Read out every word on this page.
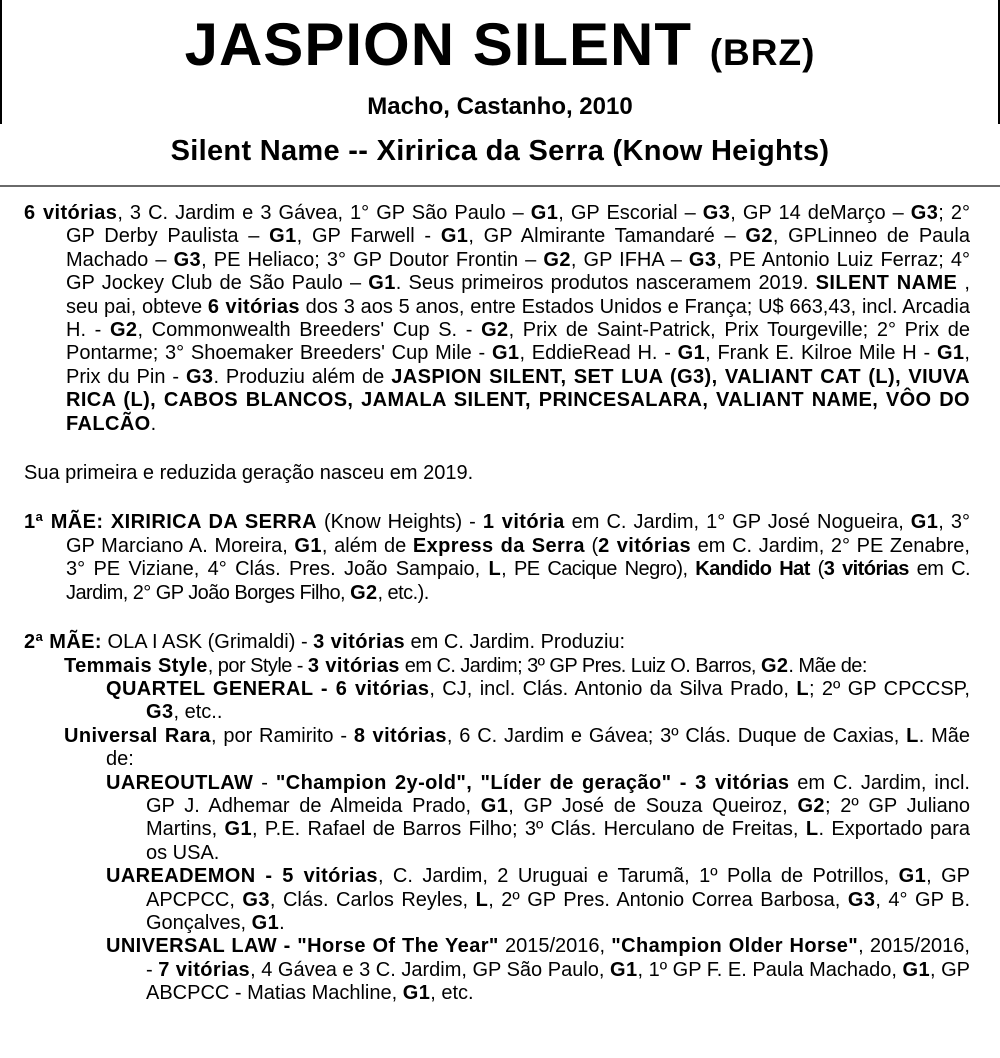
JASPION SILENT (BRZ)
Macho, Castanho, 2010
Silent Name -- Xiririca da Serra (Know Heights)

6 vitórias, 3 C. Jardim e 3 Gávea, 1° GP São Paulo – G1, GP Escorial – G3, GP 14 deMarço – G3; 2° GP Derby Paulista – G1, GP Farwell - G1, GP Almirante Tamandaré – G2, GPLinneo de Paula Machado – G3, PE Heliaco; 3° GP Doutor Frontin – G2, GP IFHA – G3, PE Antonio Luiz Ferraz; 4° GP Jockey Club de São Paulo – G1. Seus primeiros produtos nasceramem 2019. SILENT NAME , seu pai, obteve 6 vitórias dos 3 aos 5 anos, entre Estados Unidos e França; U$ 663,43, incl. Arcadia H. - G2, Commonwealth Breeders' Cup S. - G2, Prix de Saint-Patrick, Prix Tourgeville; 2° Prix de Pontarme; 3° Shoemaker Breeders' Cup Mile - G1, EddieRead H. - G1, Frank E. Kilroe Mile H - G1, Prix du Pin - G3. Produziu além de JASPION SILENT, SET LUA (G3), VALIANT CAT (L), VIUVA RICA (L), CABOS BLANCOS, JAMALA SILENT, PRINCESALARA, VALIANT NAME, VÔO DO FALCÃO.

Sua primeira e reduzida geração nasceu em 2019.

1ª MÃE: XIRIRICA DA SERRA (Know Heights) - 1 vitória em C. Jardim, 1° GP José Nogueira, G1, 3° GP Marciano A. Moreira, G1, além de Express da Serra (2 vitórias em C. Jardim, 2° PE Zenabre, 3° PE Viziane, 4° Clás. Pres. João Sampaio, L, PE Cacique Negro), Kandido Hat (3 vitórias em C. Jardim, 2° GP João Borges Filho, G2, etc.).

2ª MÃE: OLA I ASK (Grimaldi) - 3 vitórias em C. Jardim. Produziu:

Temmais Style, por Style - 3 vitórias em C. Jardim; 3º GP Pres. Luiz O. Barros, G2. Mãe de:

QUARTEL GENERAL - 6 vitórias, CJ, incl. Clás. Antonio da Silva Prado, L; 2º GP CPCCSP, G3, etc..

Universal Rara, por Ramirito - 8 vitórias, 6 C. Jardim e Gávea; 3º Clás. Duque de Caxias, L. Mãe de:

UAREOUTLAW - "Champion 2y-old", "Líder de geração" - 3 vitórias em C. Jardim, incl. GP J. Adhemar de Almeida Prado, G1, GP José de Souza Queiroz, G2; 2º GP Juliano Martins, G1, P.E. Rafael de Barros Filho; 3º Clás. Herculano de Freitas, L. Exportado para os USA.

UAREADEMON - 5 vitórias, C. Jardim, 2 Uruguai e Tarumã, 1º Polla de Potrillos, G1, GP APCPCC, G3, Clás. Carlos Reyles, L, 2º GP Pres. Antonio Correa Barbosa, G3, 4° GP B. Gonçalves, G1.

UNIVERSAL LAW - "Horse Of The Year" 2015/2016, "Champion Older Horse", 2015/2016, - 7 vitórias, 4 Gávea e 3 C. Jardim, GP São Paulo, G1, 1º GP F. E. Paula Machado, G1, GP ABCPCC - Matias Machline, G1, etc.
